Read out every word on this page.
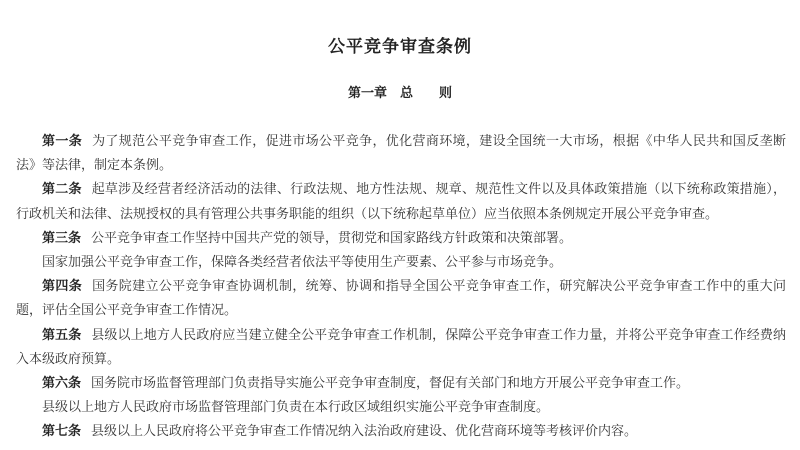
公平竞争审查条例
第一章　总　　则

第一条 为了规范公平竞争审查工作，促进市场公平竞争，优化营商环境，建设全国统一大市场，根据《中华人民共和国反垄断法》等法律，制定本条例。

第二条 起草涉及经营者经济活动的法律、行政法规、地方性法规、规章、规范性文件以及具体政策措施（以下统称政策措施），行政机关和法律、法规授权的具有管理公共事务职能的组织（以下统称起草单位）应当依照本条例规定开展公平竞争审查。

第三条 公平竞争审查工作坚持中国共产党的领导，贯彻党和国家路线方针政策和决策部署。

国家加强公平竞争审查工作，保障各类经营者依法平等使用生产要素、公平参与市场竞争。

第四条 国务院建立公平竞争审查协调机制，统筹、协调和指导全国公平竞争审查工作，研究解决公平竞争审查工作中的重大问题，评估全国公平竞争审查工作情况。

第五条 县级以上地方人民政府应当建立健全公平竞争审查工作机制，保障公平竞争审查工作力量，并将公平竞争审查工作经费纳入本级政府预算。

第六条 国务院市场监督管理部门负责指导实施公平竞争审查制度，督促有关部门和地方开展公平竞争审查工作。

县级以上地方人民政府市场监督管理部门负责在本行政区域组织实施公平竞争审查制度。

第七条 县级以上人民政府将公平竞争审查工作情况纳入法治政府建设、优化营商环境等考核评价内容。
